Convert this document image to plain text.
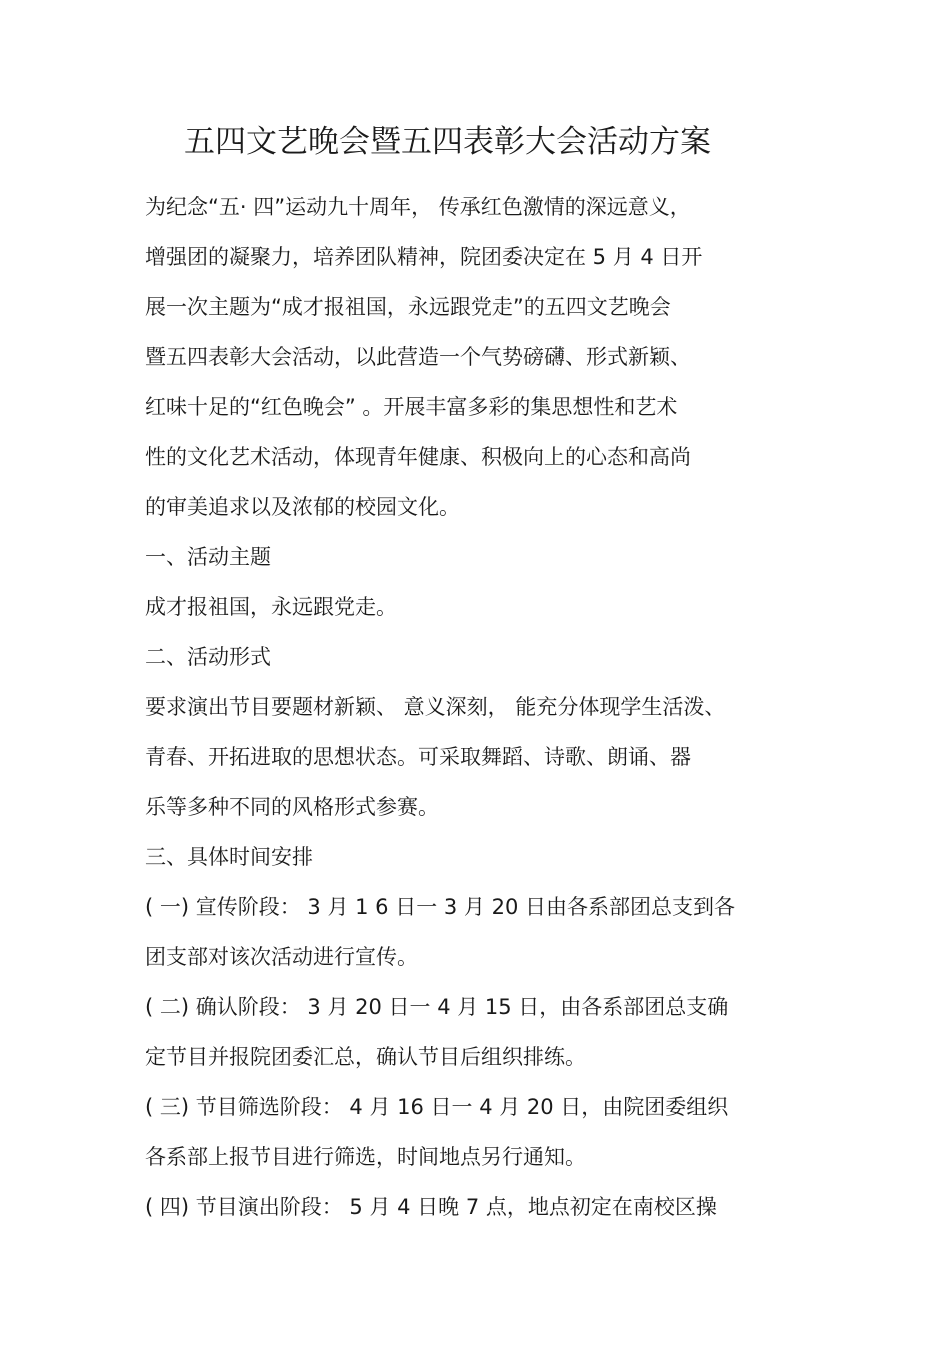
五四文艺晚会暨五四表彰大会活动方案
为纪念“五· 四”运动九十周年， 传承红色激情的深远意义，
增强团的凝聚力，培养团队精神，院团委决定在 5 月 4 日开
展一次主题为“成才报祖国，永远跟党走”的五四文艺晚会
暨五四表彰大会活动，以此营造一个气势磅礴、形式新颖、
红味十足的“红色晚会” 。开展丰富多彩的集思想性和艺术
性的文化艺术活动，体现青年健康、积极向上的心态和高尚
的审美追求以及浓郁的校园文化。
一、活动主题
成才报祖国，永远跟党走。
二、活动形式
要求演出节目要题材新颖、 意义深刻， 能充分体现学生活泼、
青春、开拓进取的思想状态。可采取舞蹈、诗歌、朗诵、器
乐等多种不同的风格形式参赛。
三、具体时间安排
( 一) 宣传阶段： 3 月 1 6 日一 3 月 20 日由各系部团总支到各
团支部对该次活动进行宣传。
( 二) 确认阶段： 3 月 20 日一 4 月 15 日，由各系部团总支确
定节目并报院团委汇总，确认节目后组织排练。
( 三) 节目筛选阶段： 4 月 16 日一 4 月 20 日，由院团委组织
各系部上报节目进行筛选，时间地点另行通知。
( 四) 节目演出阶段： 5 月 4 日晚 7 点，地点初定在南校区操
